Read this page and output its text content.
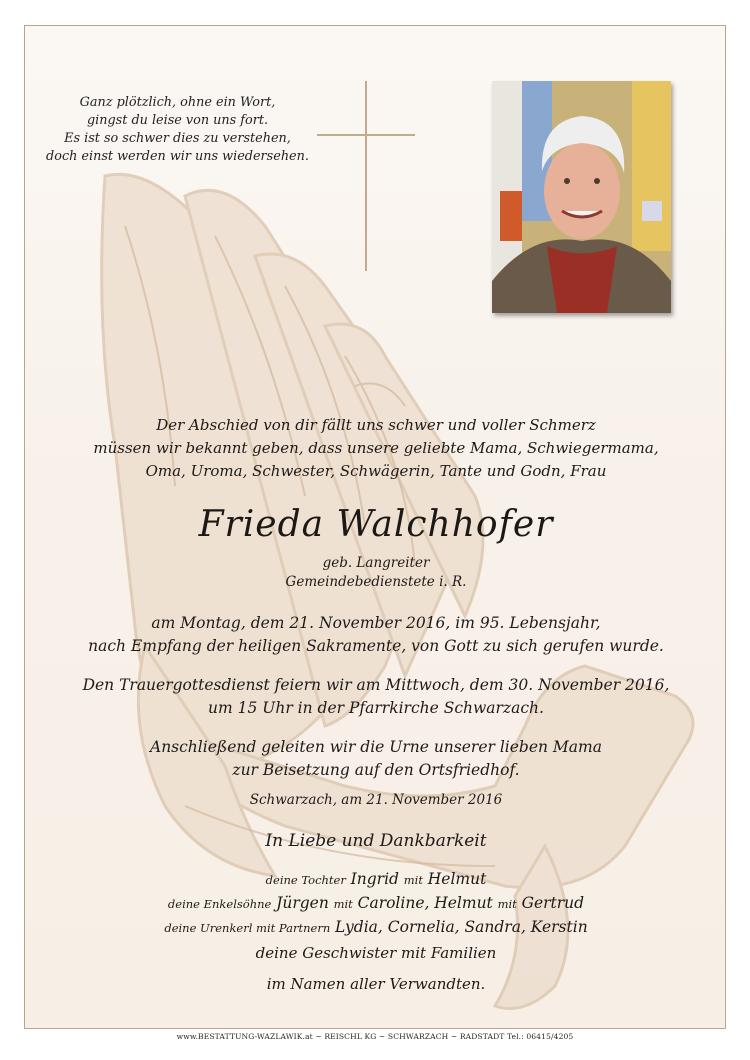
Ganz plötzlich, ohne ein Wort,
gingst du leise von uns fort.
Es ist so schwer dies zu verstehen,
doch einst werden wir uns wiedersehen.
Der Abschied von dir fällt uns schwer und voller Schmerz
müssen wir bekannt geben, dass unsere geliebte Mama, Schwiegermama,
Oma, Uroma, Schwester, Schwägerin, Tante und Godn, Frau
Frieda Walchhofer
geb. Langreiter
Gemeindebedienstete i. R.
am Montag, dem 21. November 2016, im 95. Lebensjahr,
nach Empfang der heiligen Sakramente, von Gott zu sich gerufen wurde.
Den Trauergottesdienst feiern wir am Mittwoch, dem 30. November 2016,
um 15 Uhr in der Pfarrkirche Schwarzach.
Anschließend geleiten wir die Urne unserer lieben Mama
zur Beisetzung auf den Ortsfriedhof.
Schwarzach, am 21. November 2016
In Liebe und Dankbarkeit
deine Tochter Ingrid mit Helmut
deine Enkelsöhne Jürgen mit Caroline, Helmut mit Gertrud
deine Urenkerl mit Partnern Lydia, Cornelia, Sandra, Kerstin
deine Geschwister mit Familien
im Namen aller Verwandten.
www.BESTATTUNG-WAZLAWIK.at ~ REISCHL KG ~ SCHWARZACH ~ RADSTADT Tel.: 06415/4205
